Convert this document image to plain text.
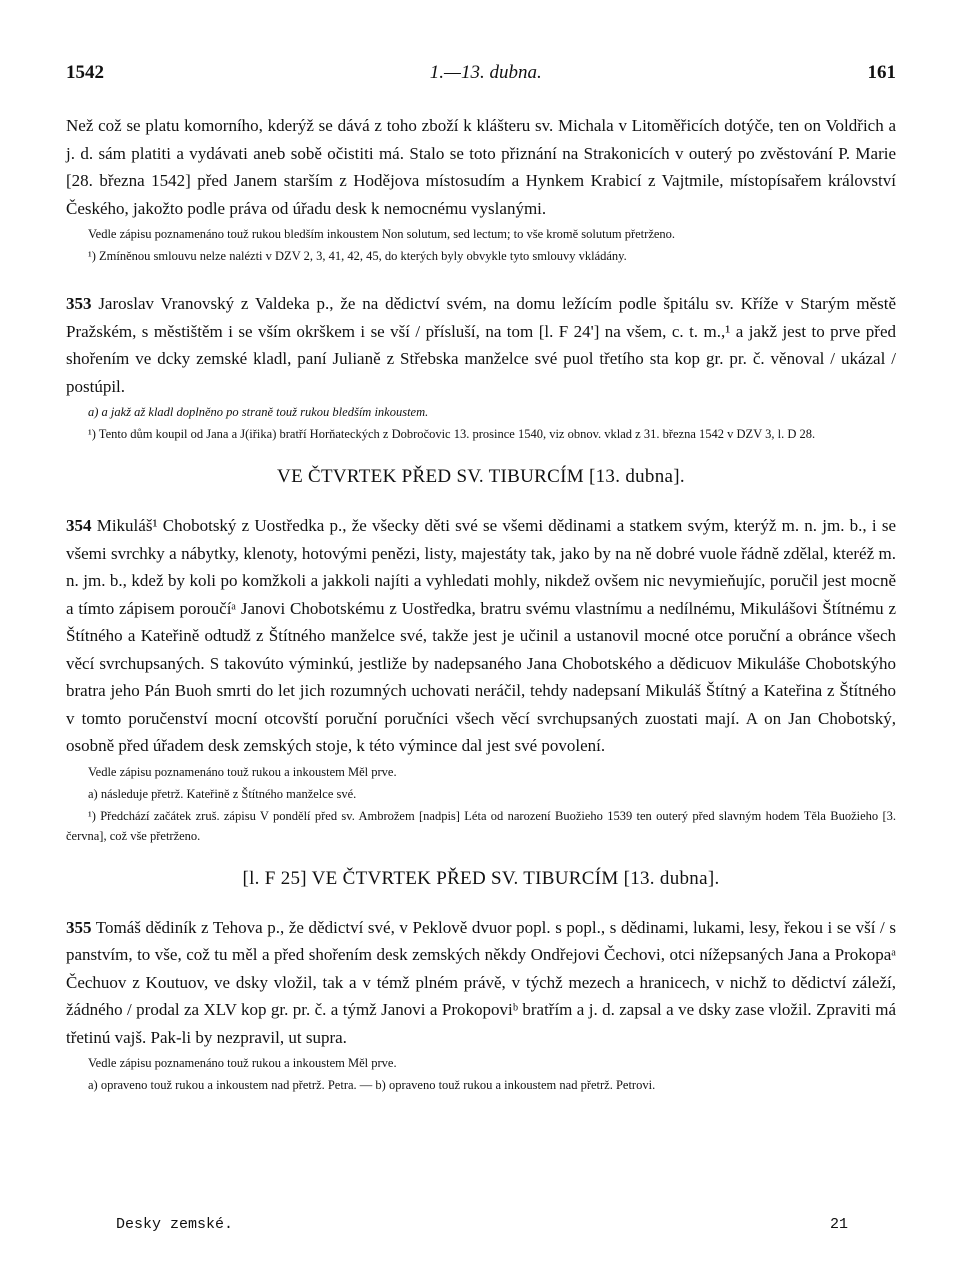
1542	1.—13. dubna.	161

Než což se platu komorního, kderýž se dává z toho zboží k klášteru sv. Michala v Litoměřicích dotýče, ten on Voldřich a j. d. sám platiti a vydávati aneb sobě očistiti má. Stalo se toto přiznání na Strakonicích v outerý po zvěstování P. Marie [28. března 1542] před Janem starším z Hodějova místosudím a Hynkem Krabicí z Vajtmile, místopísařem království Českého, jakožto podle práva od úřadu desk k nemocnému vyslanými.

Vedle zápisu poznamenáno touž rukou bledším inkoustem Non solutum, sed lectum; to vše kromě solutum přetrženo.
¹) Zmíněnou smlouvu nelze nalézti v DZV 2, 3, 41, 42, 45, do kterých byly obvykle tyto smlouvy vkládány.
353 Jaroslav Vranovský z Valdeka p., že na dědictví svém, na domu ležícím podle špitálu sv. Kříže v Starým městě Pražském, s městištěm i se vším okrškem i se vší / přísluší, na tom [l. F 24'] na všem, c. t. m.,¹ a jakž jest to prve před shořením ve dcky zemské kladl, paní Julianě z Střebska manželce své puol třetího sta kop gr. pr. č. věnoval / ukázal / postúpil.
a) a jakž až kladl doplněno po straně touž rukou bledším inkoustem.
¹) Tento dům koupil od Jana a J(iřika) bratří Horňateckých z Dobročovic 13. prosince 1540, viz obnov. vklad z 31. března 1542 v DZV 3, l. D 28.
VE ČTVRTEK PŘED SV. TIBURCÍM [13. dubna].
354 Mikuláš¹ Chobotský z Uostředka p., že všecky děti své se všemi dědinami a statkem svým, kterýž m. n. jm. b., i se všemi svrchky a nábytky, klenoty, hotovými penězi, listy, majestáty tak, jako by na ně dobré vuole řádně zdělal, kteréž m. n. jm. b., kdež by koli po komžkoli a jakkoli najíti a vyhledati mohly, nikdež ovšem nic nevymieňujíc, poručil jest mocně a tímto zápisem poroučíᵃ Janovi Chobotskému z Uostředka, bratru svému vlastnímu a nedílnému, Mikulášovi Štítnému z Štítného a Kateřině odtudž z Štítného manželce své, takže jest je učinil a ustanovil mocné otce poruční a obránce všech věcí svrchupsaných. S takovúto výminkú, jestliže by nadepsaného Jana Chobotského a dědicuov Mikuláše Chobotskýho bratra jeho Pán Buoh smrti do let jich rozumných uchovati neráčil, tehdy nadepsaní Mikuláš Štítný a Kateřina z Štítného v tomto poručenství mocní otcovští poruční poručníci všech věcí svrchupsaných zuostati mají. A on Jan Chobotský, osobně před úřadem desk zemských stoje, k této výmince dal jest své povolení.
Vedle zápisu poznamenáno touž rukou a inkoustem Měl prve.
a) následuje přetrž. Kateřině z Štítného manželce své.
¹) Předchází začátek zruš. zápisu V pondělí před sv. Ambrožem [nadpis] Léta od narození Buožieho 1539 ten outerý před slavným hodem Těla Buožieho [3. června], což vše přetrženo.
[l. F 25] VE ČTVRTEK PŘED SV. TIBURCÍM [13. dubna].
355 Tomáš dědiník z Tehova p., že dědictví své, v Peklově dvuor popl. s popl., s dědinami, lukami, lesy, řekou i se vší / s panstvím, to vše, což tu měl a před shořením desk zemských někdy Ondřejovi Čechovi, otci nížepsaných Jana a Prokopaᵃ Čechuov z Koutuov, ve dsky vložil, tak a v témž plném právě, v týchž mezech a hranicech, v nichž to dědictví záleží, žádného / prodal za XLV kop gr. pr. č. a týmž Janovi a Prokopoviᵇ bratřím a j. d. zapsal a ve dsky zase vložil. Zpraviti má třetinú vajš. Pak-li by nezpravil, ut supra.
Vedle zápisu poznamenáno touž rukou a inkoustem Měl prve.
a) opraveno touž rukou a inkoustem nad přetrž. Petra. — b) opraveno touž rukou a inkoustem nad přetrž. Petrovi.
Desky zemské.	21
